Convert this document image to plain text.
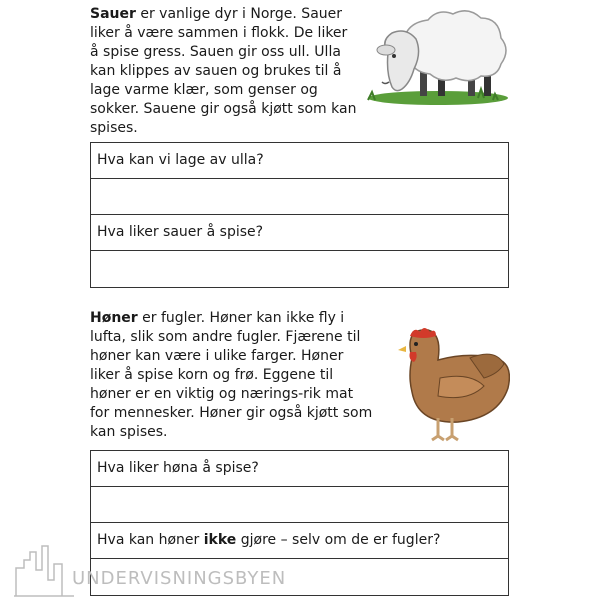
Sauer er vanlige dyr i Norge. Sauer liker å være sammen i flokk. De liker å spise gress. Sauen gir oss ull. Ulla kan klippes av sauen og brukes til å lage varme klær, som genser og sokker. Sauene gir også kjøtt som kan spises.

Hva kan vi lage av ulla?
Hva liker sauer å spise?

Høner er fugler. Høner kan ikke fly i lufta, slik som andre fugler. Fjærene til høner kan være i ulike farger. Høner liker å spise korn og frø. Eggene til høner er en viktig og nærings-rik mat for mennesker. Høner gir også kjøtt som kan spises.

Hva liker høna å spise?
Hva kan høner ikke gjøre – selv om de er fugler?
UNDERVISNINGSBYEN
